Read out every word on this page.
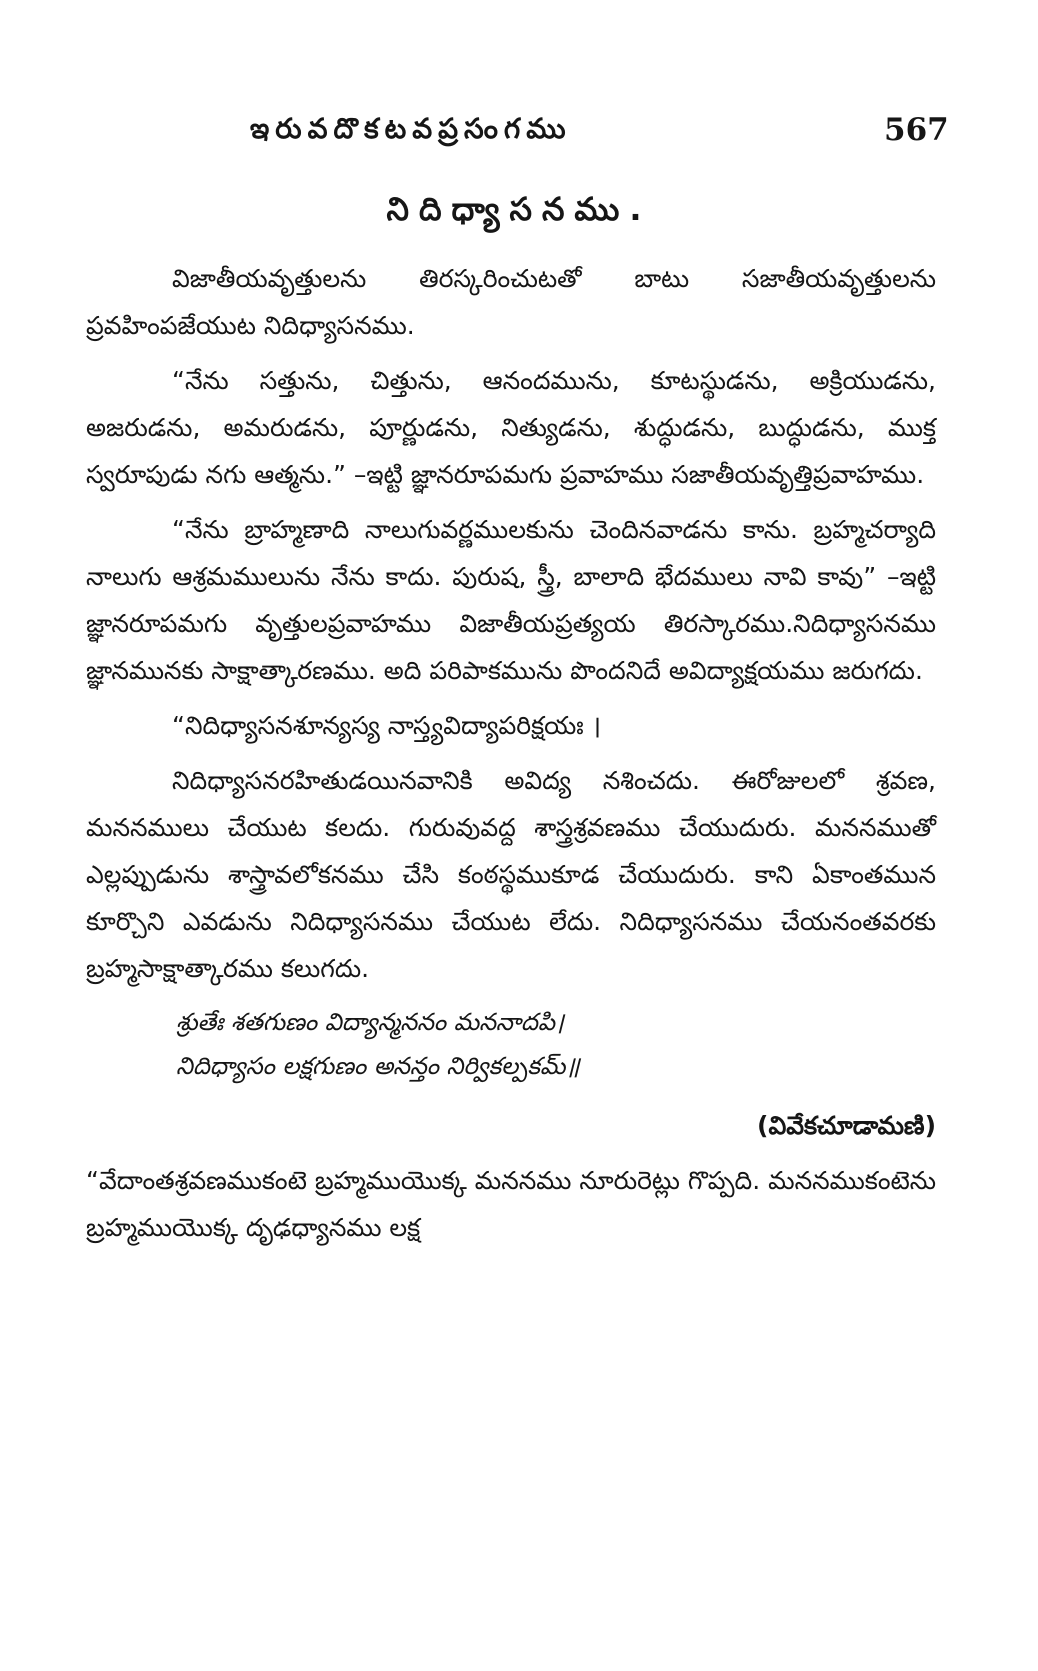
ఇరువదొకటవప్రసంగము	567
నిదిధ్యాసనము.

విజాతీయవృత్తులను తిరస్కరించుటతో బాటు సజాతీయవృత్తులను ప్రవహింపజేయుట నిదిధ్యాసనము.

“నేను సత్తును, చిత్తును, ఆనందమును, కూటస్థుడను, అక్రియుడను, అజరుడను, అమరుడను, పూర్ణుడను, నిత్యుడను, శుద్ధుడను, బుద్ధుడను, ముక్త స్వరూపుడు నగు ఆత్మను.” –ఇట్టి జ్ఞానరూపమగు ప్రవాహము సజాతీయవృత్తిప్రవాహము.

“నేను బ్రాహ్మణాది నాలుగువర్ణములకును చెందినవాడను కాను. బ్రహ్మచర్యాది నాలుగు ఆశ్రమములును నేను కాదు. పురుష, స్త్రీ, బాలాది భేదములు నావి కావు” –ఇట్టి జ్ఞానరూపమగు వృత్తులప్రవాహము విజాతీయప్రత్యయ తిరస్కారము.నిదిధ్యాసనము జ్ఞానమునకు సాక్షాత్కారణము. అది పరిపాకమును పొందనిదే అవిద్యాక్షయము జరుగదు.

“నిదిధ్యాసనశూన్యస్య నాస్త్యవిద్యాపరిక్షయః ।

నిదిధ్యాసనరహితుడయినవానికి అవిద్య నశించదు. ఈరోజులలో శ్రవణ, మననములు చేయుట కలదు. గురువువద్ద శాస్త్రశ్రవణము చేయుదురు. మననముతో ఎల్లప్పుడును శాస్త్రావలోకనము చేసి కంఠస్థముకూడ చేయుదురు. కాని ఏకాంతమున కూర్చొని ఎవడును నిదిధ్యాసనము చేయుట లేదు. నిదిధ్యాసనము చేయనంతవరకు బ్రహ్మసాక్షాత్కారము కలుగదు.

శ్రుతేః శతగుణం విద్యాన్మననం మననాదపి।
నిదిధ్యాసం లక్షగుణం అనన్తం నిర్వికల్పకమ్॥

(వివేకచూడామణి)

“వేదాంతశ్రవణముకంటె బ్రహ్మముయొక్క మననము నూరురెట్లు గొప్పది. మననముకంటెను బ్రహ్మముయొక్క దృఢధ్యానము లక్ష
